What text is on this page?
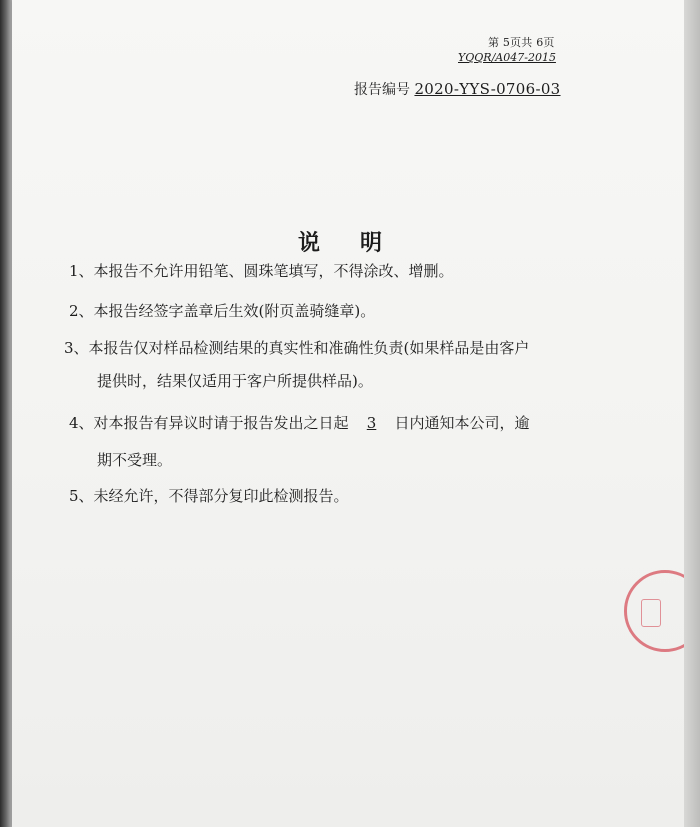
第 5页共 6页
YQQR/A047-2015
报告编号 2020-YYS-0706-03
说明
1、本报告不允许用铅笔、圆珠笔填写，不得涂改、增删。
2、本报告经签字盖章后生效(附页盖骑缝章)。
3、本报告仅对样品检测结果的真实性和准确性负责(如果样品是由客户
提供时，结果仅适用于客户所提供样品)。
4、对本报告有异议时请于报告发出之日起 3 日内通知本公司，逾
期不受理。
5、未经允许，不得部分复印此检测报告。
